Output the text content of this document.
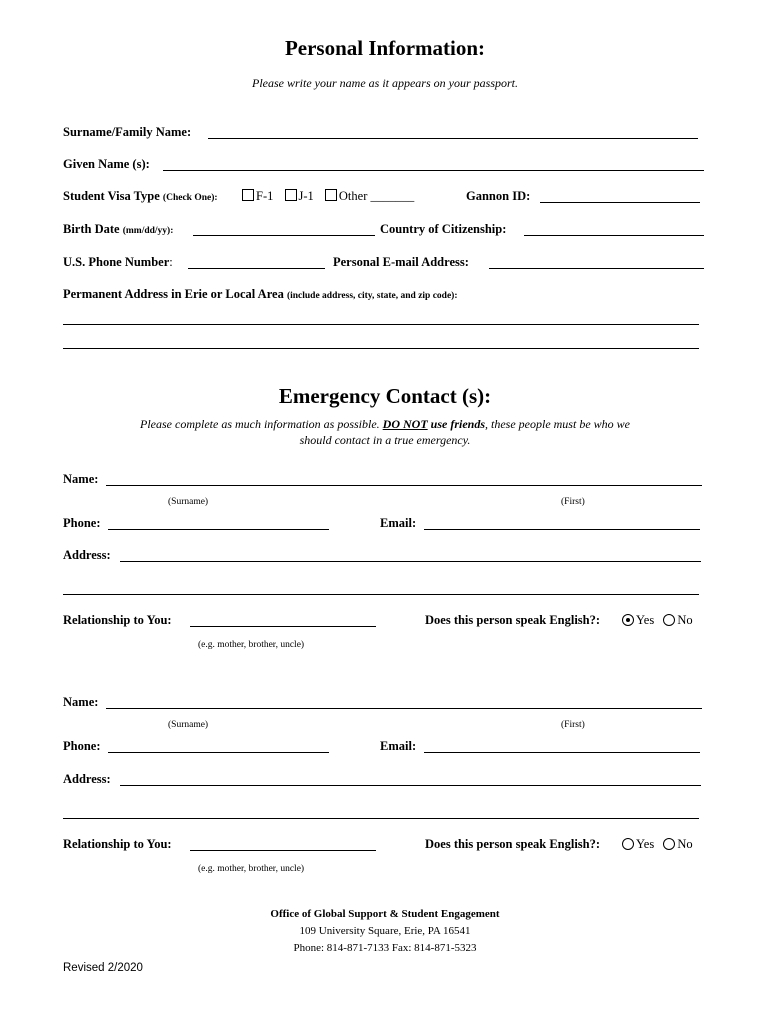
Personal Information:
Please write your name as it appears on your passport.
Surname/Family Name:
Given Name (s):
Student Visa Type (Check One):	F-1 J-1 Other _______	Gannon ID:
Birth Date (mm/dd/yy):	Country of Citizenship:
U.S. Phone Number:	Personal E-mail Address:
Permanent Address in Erie or Local Area (include address, city, state, and zip code):
Emergency Contact (s):
Please complete as much information as possible. DO NOT use friends, these people must be who we
should contact in a true emergency.
Name:
(Surname)	(First)
Phone:	Email:
Address:
Relationship to You:
(e.g. mother, brother, uncle)
Does this person speak English?:	Yes No
Name:
(Surname)	(First)
Phone:	Email:
Address:
Relationship to You:
(e.g. mother, brother, uncle)
Does this person speak English?:	Yes No
Office of Global Support & Student Engagement
109 University Square, Erie, PA 16541
Phone: 814-871-7133 Fax: 814-871-5323
Revised 2/2020
